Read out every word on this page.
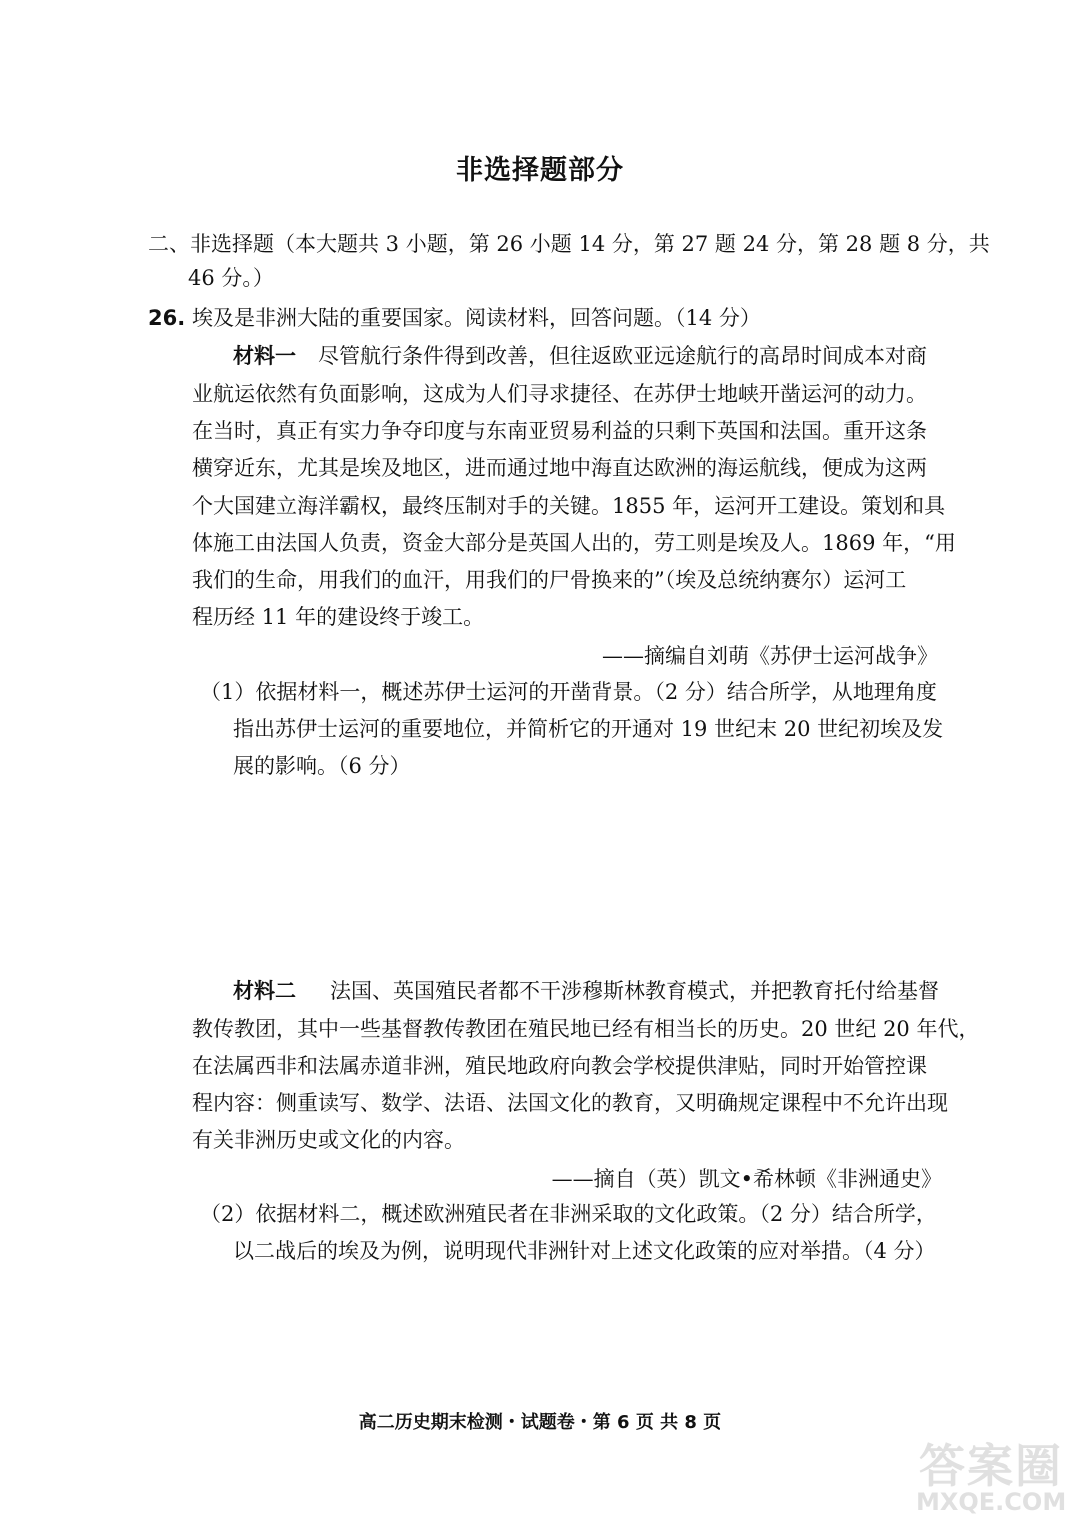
非选择题部分
二、非选择题（本大题共 3 小题，第 26 小题 14 分，第 27 题 24 分，第 28 题 8 分，共
46 分。）
26. 埃及是非洲大陆的重要国家。阅读材料，回答问题。（14 分）
材料一 尽管航行条件得到改善，但往返欧亚远途航行的高昂时间成本对商
业航运依然有负面影响，这成为人们寻求捷径、在苏伊士地峡开凿运河的动力。
在当时，真正有实力争夺印度与东南亚贸易利益的只剩下英国和法国。重开这条
横穿近东，尤其是埃及地区，进而通过地中海直达欧洲的海运航线，便成为这两
个大国建立海洋霸权，最终压制对手的关键。1855 年，运河开工建设。策划和具
体施工由法国人负责，资金大部分是英国人出的，劳工则是埃及人。1869 年，“用
我们的生命，用我们的血汗，用我们的尸骨换来的”（埃及总统纳赛尔）运河工
程历经 11 年的建设终于竣工。
——摘编自刘萌《苏伊士运河战争》
（1）依据材料一，概述苏伊士运河的开凿背景。（2 分）结合所学，从地理角度
指出苏伊士运河的重要地位，并简析它的开通对 19 世纪末 20 世纪初埃及发
展的影响。（6 分）
材料二 法国、英国殖民者都不干涉穆斯林教育模式，并把教育托付给基督
教传教团，其中一些基督教传教团在殖民地已经有相当长的历史。20 世纪 20 年代，
在法属西非和法属赤道非洲，殖民地政府向教会学校提供津贴，同时开始管控课
程内容：侧重读写、数学、法语、法国文化的教育，又明确规定课程中不允许出现
有关非洲历史或文化的内容。
——摘自（英）凯文•希林顿《非洲通史》
（2）依据材料二，概述欧洲殖民者在非洲采取的文化政策。（2 分）结合所学，
以二战后的埃及为例，说明现代非洲针对上述文化政策的应对举措。（4 分）
高二历史期末检测・试题卷・第 6 页 共 8 页
答案圈
MXQE.COM
